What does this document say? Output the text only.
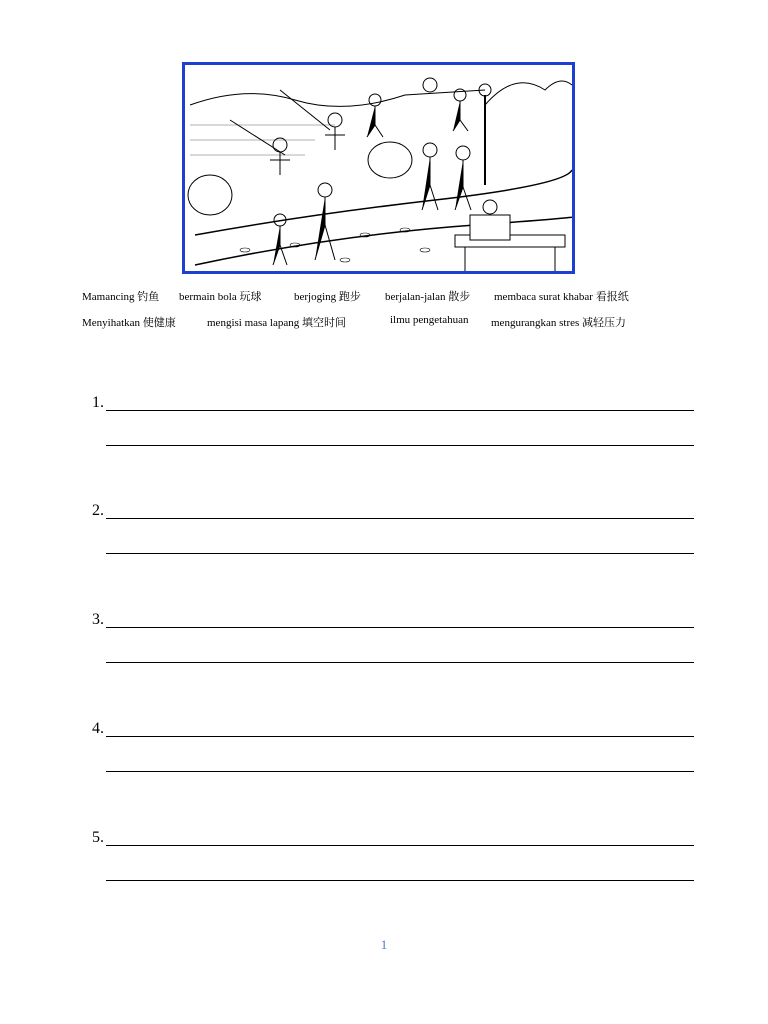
Mamancing 钓鱼 bermain bola 玩球	berjoging 跑步 berjalan-jalan 散步 membaca surat khabar 看报纸
Menyihatkan 使健康	mengisi masa lapang 填空时间	ilmu pengetahuan mengurangkan stres 减轻压力
1.
2.
3.
4.
5.
1
